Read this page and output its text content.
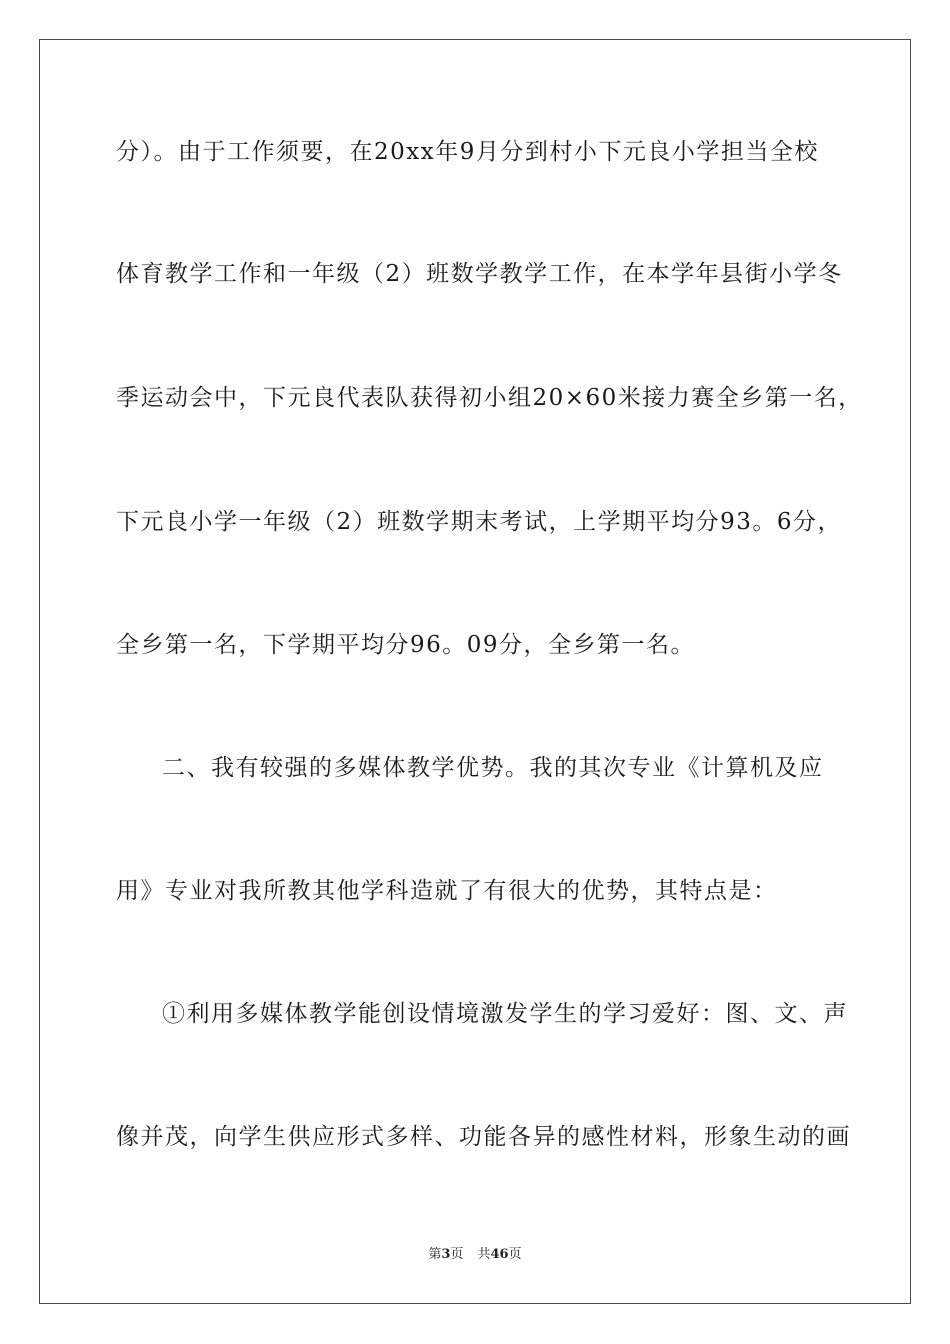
分）。由于工作须要，在20xx年9月分到村小下元良小学担当全校
体育教学工作和一年级（2）班数学教学工作，在本学年县街小学冬
季运动会中，下元良代表队获得初小组20×60米接力赛全乡第一名，
下元良小学一年级（2）班数学期末考试，上学期平均分93。6分，
全乡第一名，下学期平均分96。09分，全乡第一名。
二、我有较强的多媒体教学优势。我的其次专业《计算机及应
用》专业对我所教其他学科造就了有很大的优势，其特点是：
①利用多媒体教学能创设情境激发学生的学习爱好：图、文、声
像并茂，向学生供应形式多样、功能各异的感性材料，形象生动的画
第3页 共46页
